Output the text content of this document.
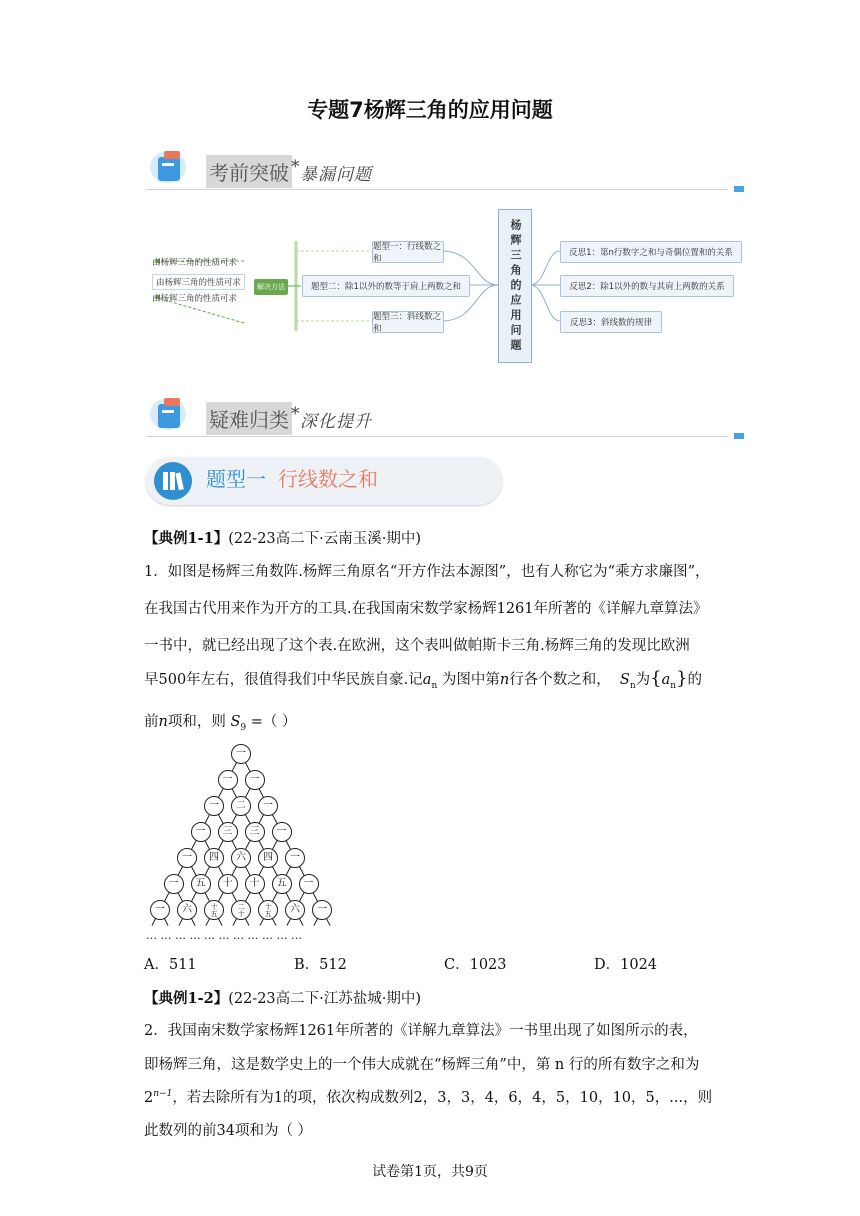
专题7杨辉三角的应用问题
考前突破 * 暴漏问题
由杨辉三角的性质可求
由杨辉三角的性质可求
由杨辉三角的性质可求
解决方法
题型一：行线数之和
题型二：除1以外的数等于肩上两数之和
题型三：斜线数之和	杨辉三角的应用问题	反思1：第n行数字之和与奇偶位置和的关系
反思2：除1以外的数与其肩上两数的关系
反思3：斜线数的规律
疑难归类 * 深化提升
题型一 行线数之和
【典例1-1】(22-23高二下·云南玉溪·期中)
1．如图是杨辉三角数阵.杨辉三角原名“开方作法本源图”，也有人称它为“乘方求廉图”，
在我国古代用来作为开方的工具.在我国南宋数学家杨辉1261年所著的《详解九章算法》
一书中，就已经出现了这个表.在欧洲，这个表叫做帕斯卡三角.杨辉三角的发现比欧洲
早500年左右，很值得我们中华民族自豪.记$a_n$ 为图中第n行各个数之和， $S_n$为$\{a_n\}$的
前n项和，则 $S_9$ =（ ）
一
一	一
一	二	一
一	三	三	一
一	四	六	四	一
一	五	十	十	五	一
一	六	十五	二十	十五	六	一
… … … … … … … … … … …
A．511	B．512	C．1023	D．1024
【典例1-2】(22-23高二下·江苏盐城·期中)
2．我国南宋数学家杨辉1261年所著的《详解九章算法》一书里出现了如图所示的表，
即杨辉三角，这是数学史上的一个伟大成就在“杨辉三角”中，第 n 行的所有数字之和为
$2^{n-1}$，若去除所有为1的项，依次构成数列2，3，3，4，6，4，5，10，10，5，...，则
此数列的前34项和为（ ）
试卷第1页，共9页
